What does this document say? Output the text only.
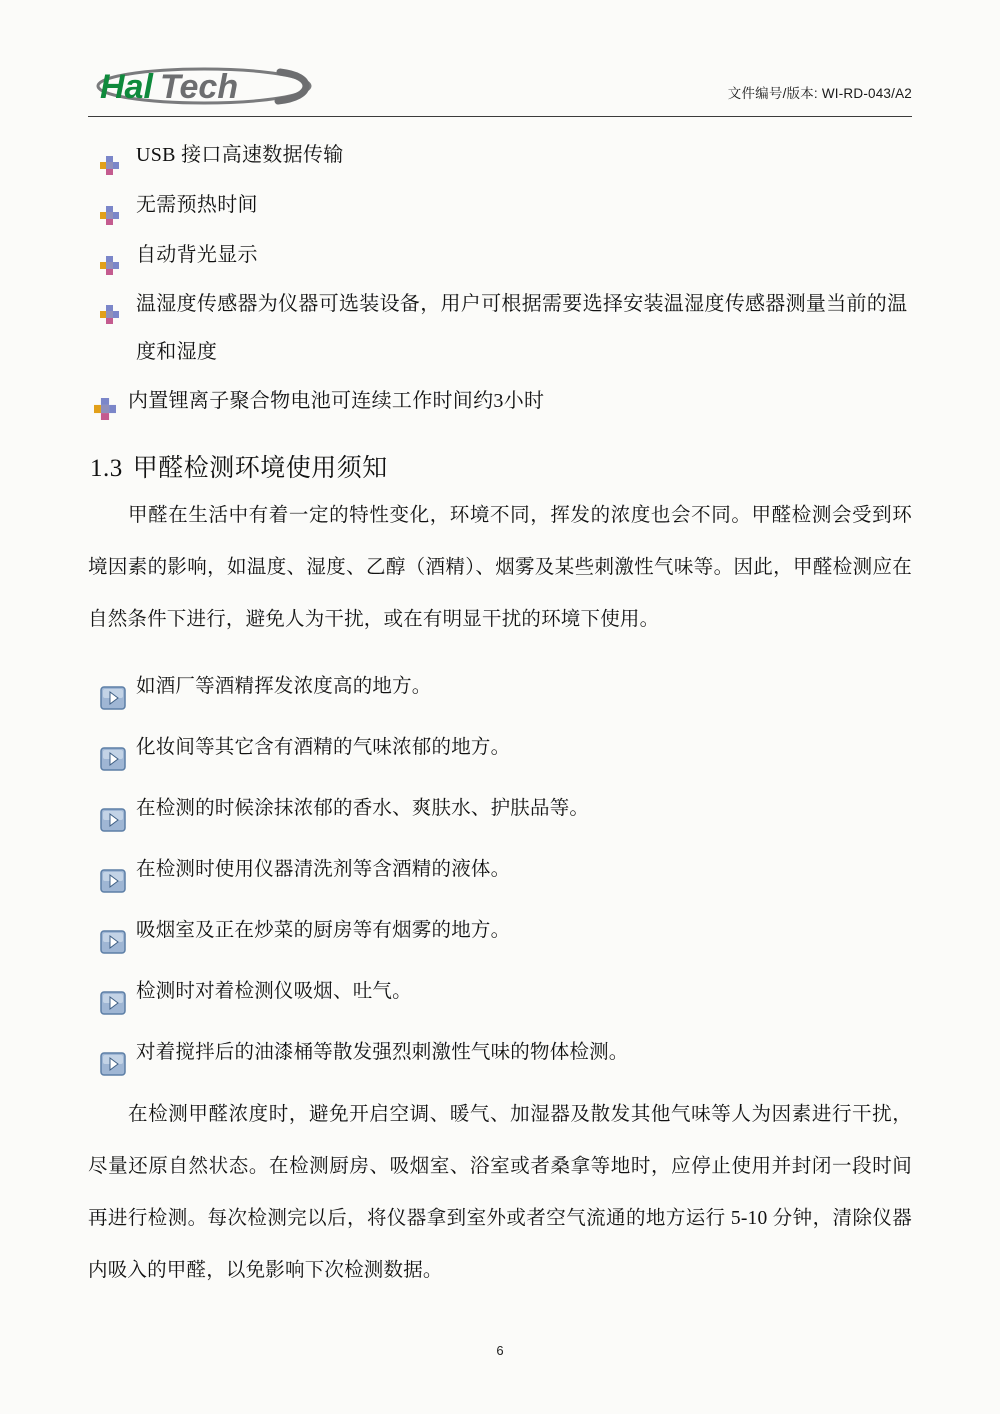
Hal Tech	文件编号/版本: WI-RD-043/A2
USB 接口高速数据传输
无需预热时间
自动背光显示
温湿度传感器为仪器可选装设备，用户可根据需要选择安装温湿度传感器测量当前的温
度和湿度
内置锂离子聚合物电池可连续工作时间约3小时
1.3 甲醛检测环境使用须知

甲醛在生活中有着一定的特性变化，环境不同，挥发的浓度也会不同。甲醛检测会受到环境因素的影响，如温度、湿度、乙醇（酒精）、烟雾及某些刺激性气味等。因此，甲醛检测应在自然条件下进行，避免人为干扰，或在有明显干扰的环境下使用。

如酒厂等酒精挥发浓度高的地方。
化妆间等其它含有酒精的气味浓郁的地方。
在检测的时候涂抹浓郁的香水、爽肤水、护肤品等。
在检测时使用仪器清洗剂等含酒精的液体。
吸烟室及正在炒菜的厨房等有烟雾的地方。
检测时对着检测仪吸烟、吐气。
对着搅拌后的油漆桶等散发强烈刺激性气味的物体检测。

在检测甲醛浓度时，避免开启空调、暖气、加湿器及散发其他气味等人为因素进行干扰，尽量还原自然状态。在检测厨房、吸烟室、浴室或者桑拿等地时，应停止使用并封闭一段时间再进行检测。每次检测完以后，将仪器拿到室外或者空气流通的地方运行 5-10 分钟，清除仪器内吸入的甲醛，以免影响下次检测数据。

6
